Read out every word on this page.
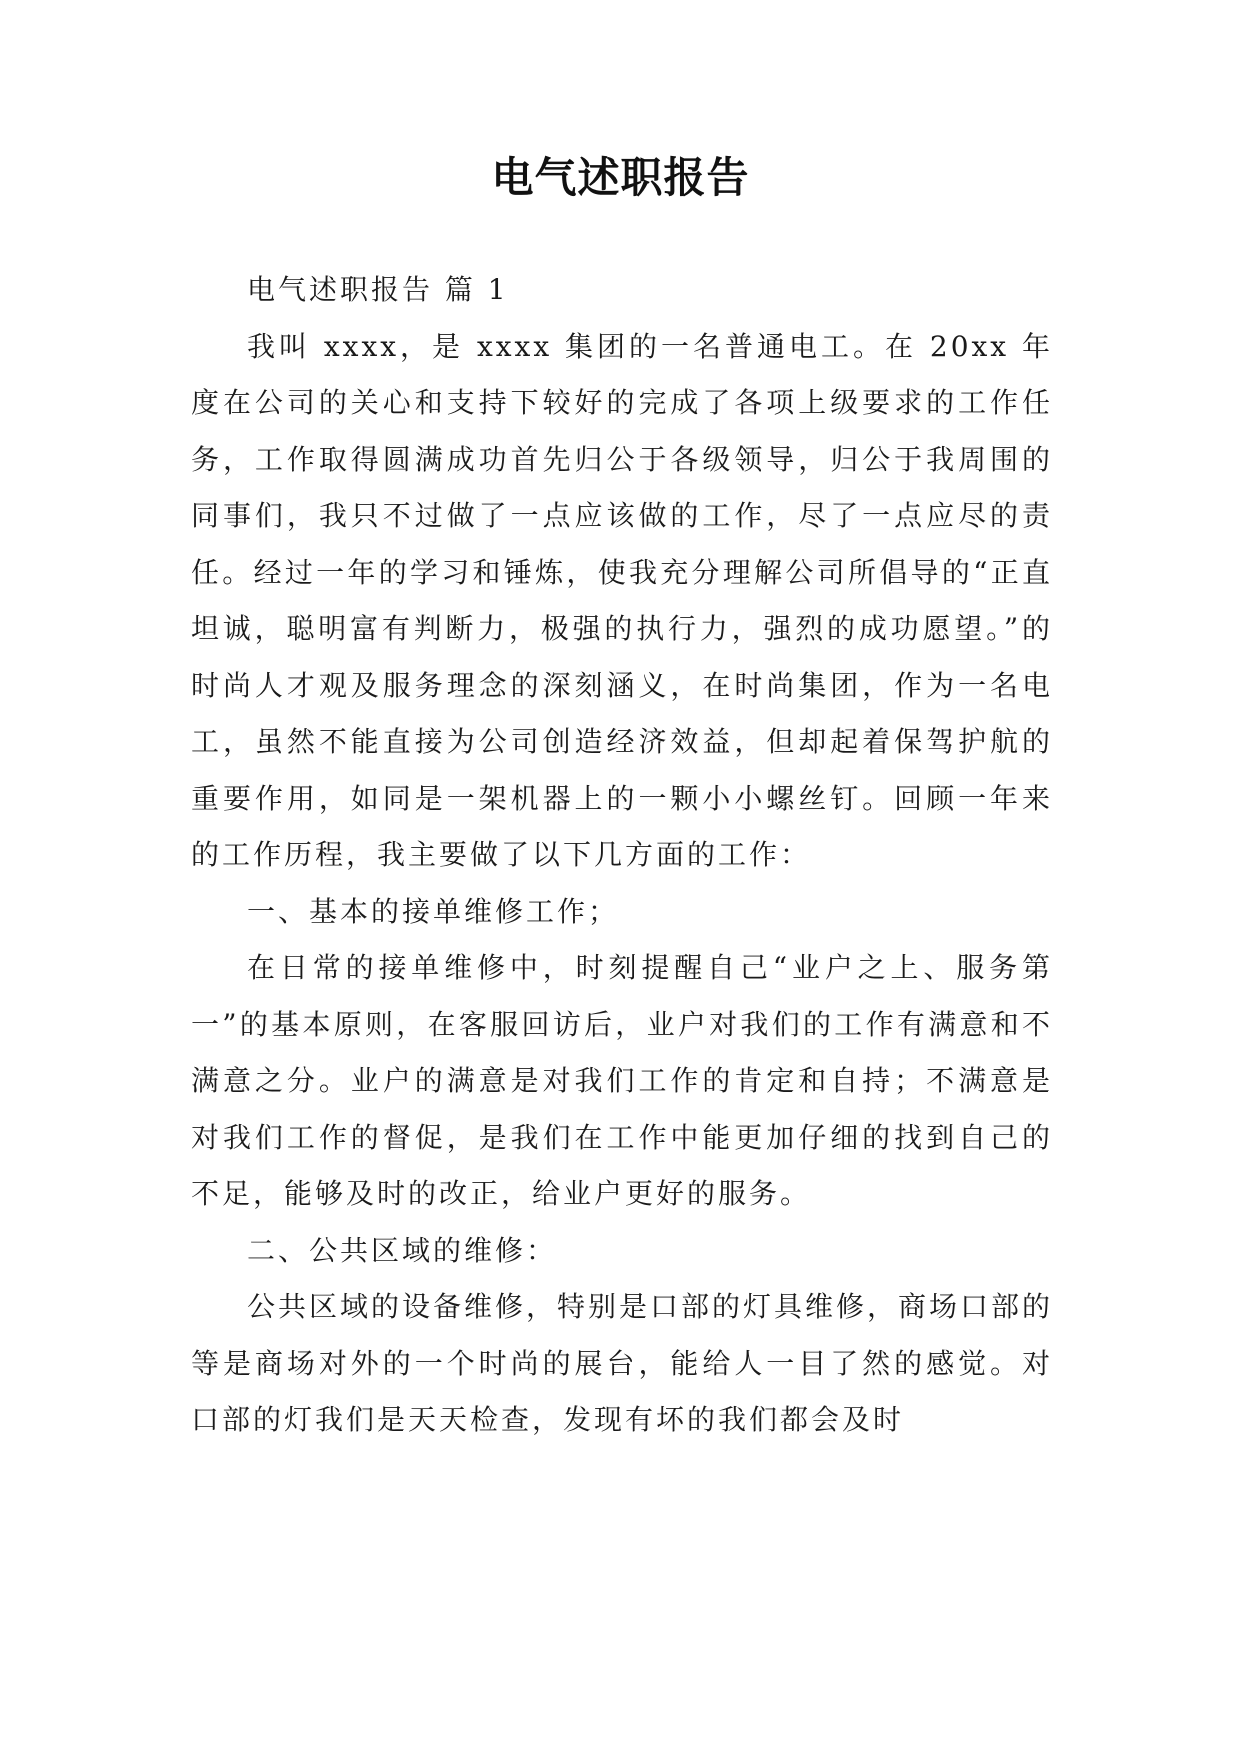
电气述职报告

电气述职报告 篇 1

我叫 xxxx，是 xxxx 集团的一名普通电工。在 20xx 年度在公司的关心和支持下较好的完成了各项上级要求的工作任务，工作取得圆满成功首先归公于各级领导，归公于我周围的同事们，我只不过做了一点应该做的工作，尽了一点应尽的责任。经过一年的学习和锤炼，使我充分理解公司所倡导的“正直坦诚，聪明富有判断力，极强的执行力，强烈的成功愿望。”的时尚人才观及服务理念的深刻涵义，在时尚集团，作为一名电工，虽然不能直接为公司创造经济效益，但却起着保驾护航的重要作用，如同是一架机器上的一颗小小螺丝钉。回顾一年来的工作历程，我主要做了以下几方面的工作：

一、基本的接单维修工作；

在日常的接单维修中，时刻提醒自己“业户之上、服务第一”的基本原则，在客服回访后，业户对我们的工作有满意和不满意之分。业户的满意是对我们工作的肯定和自持；不满意是对我们工作的督促，是我们在工作中能更加仔细的找到自己的不足，能够及时的改正，给业户更好的服务。

二、公共区域的维修：

公共区域的设备维修，特别是口部的灯具维修，商场口部的等是商场对外的一个时尚的展台，能给人一目了然的感觉。对口部的灯我们是天天检查，发现有坏的我们都会及时
